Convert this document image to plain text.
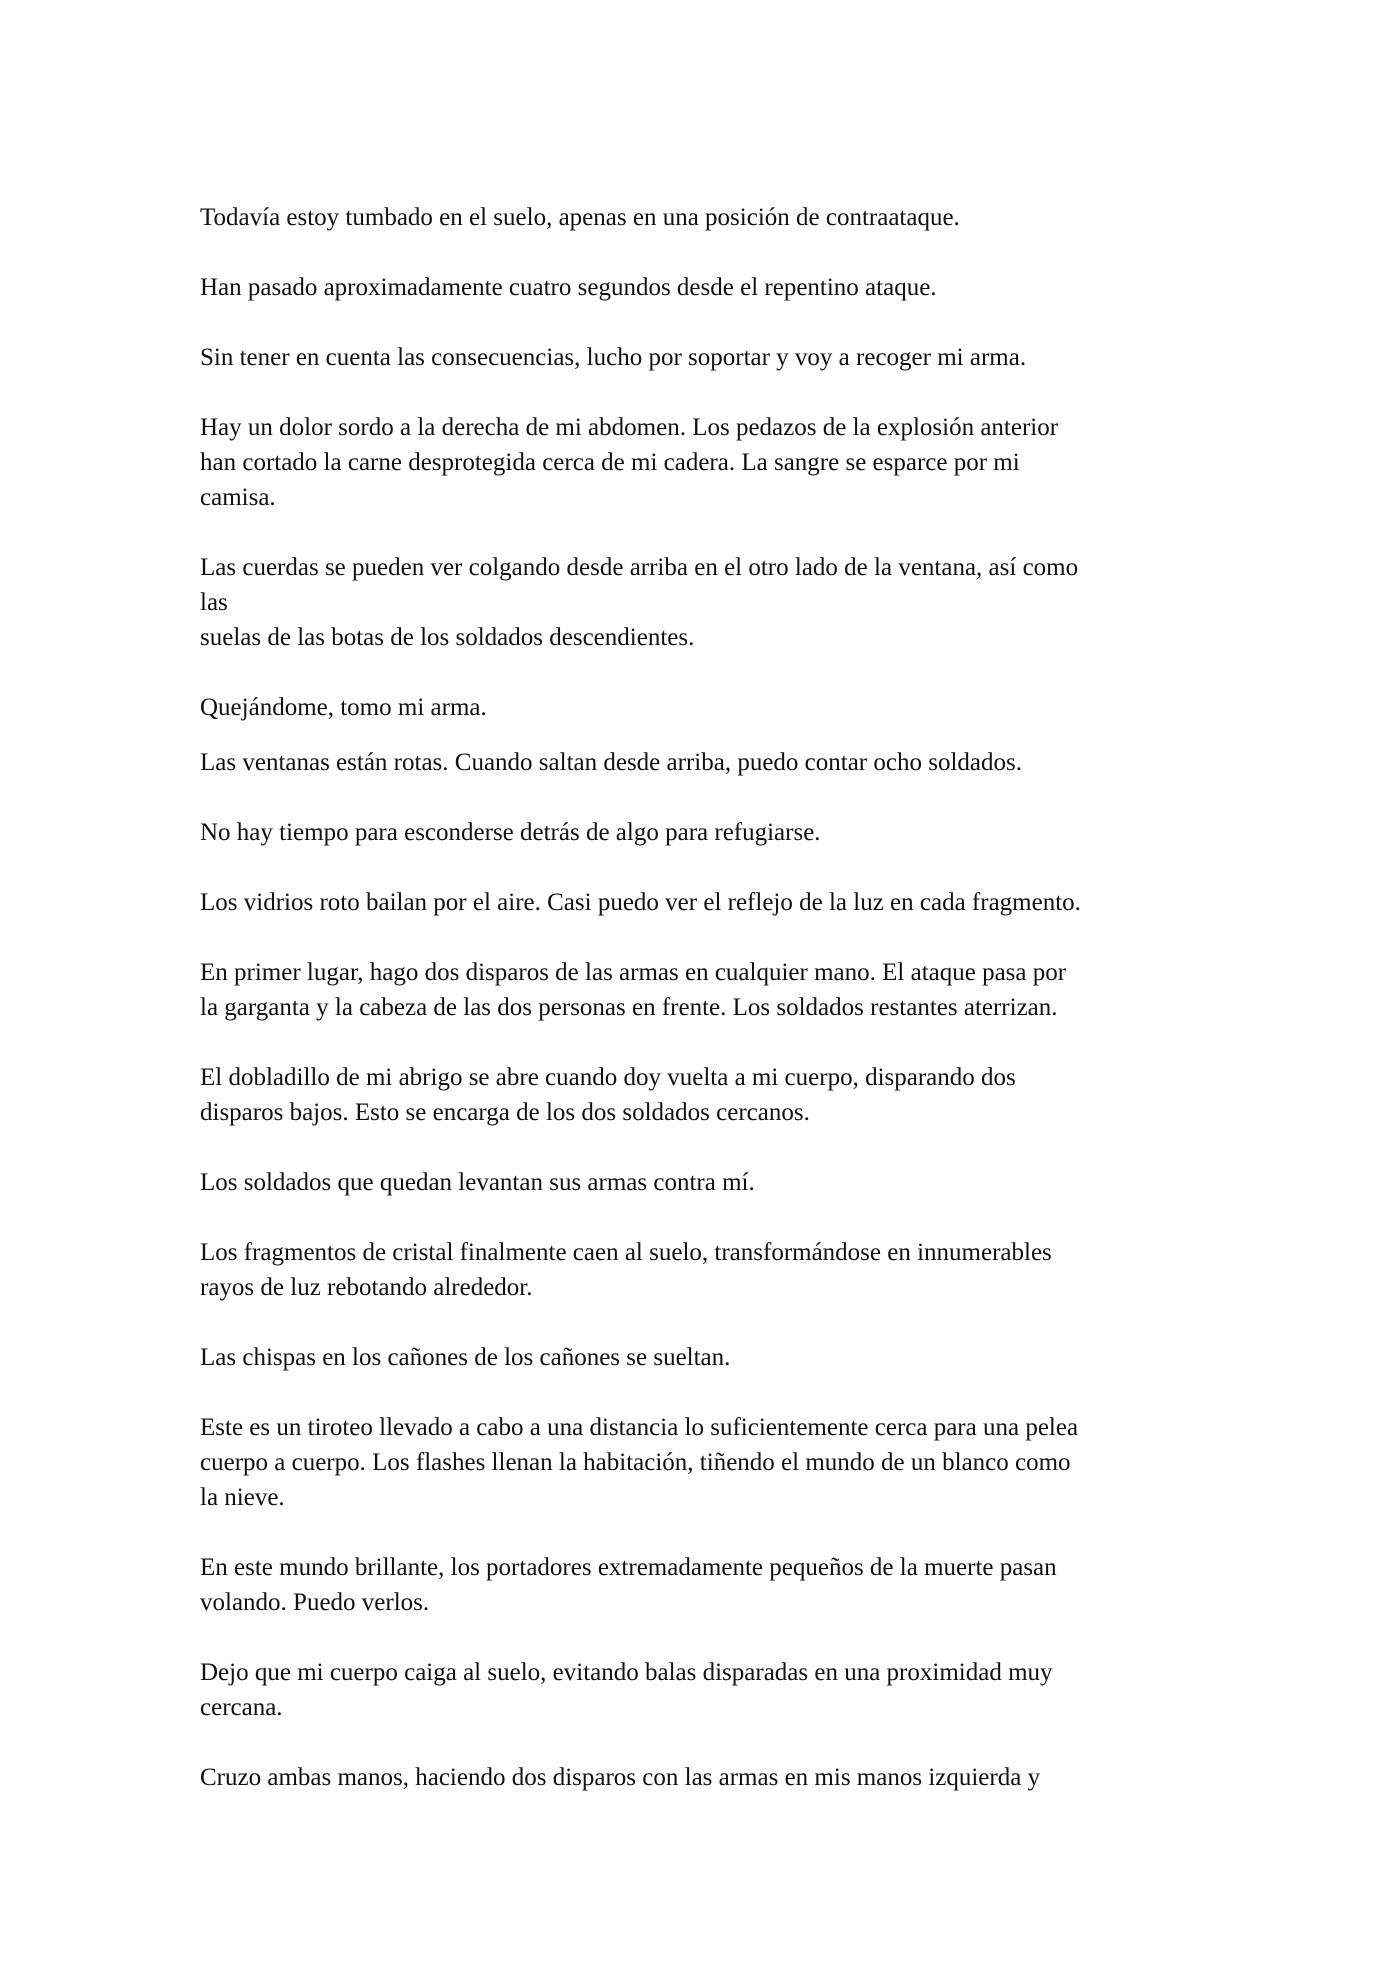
Todavía estoy tumbado en el suelo, apenas en una posición de contraataque.

Han pasado aproximadamente cuatro segundos desde el repentino ataque.

Sin tener en cuenta las consecuencias, lucho por soportar y voy a recoger mi arma.

Hay un dolor sordo a la derecha de mi abdomen. Los pedazos de la explosión anterior
han cortado la carne desprotegida cerca de mi cadera. La sangre se esparce por mi
camisa.

Las cuerdas se pueden ver colgando desde arriba en el otro lado de la ventana, así como
las
suelas de las botas de los soldados descendientes.

Quejándome, tomo mi arma.

Las ventanas están rotas. Cuando saltan desde arriba, puedo contar ocho soldados.

No hay tiempo para esconderse detrás de algo para refugiarse.

Los vidrios roto bailan por el aire. Casi puedo ver el reflejo de la luz en cada fragmento.

En primer lugar, hago dos disparos de las armas en cualquier mano. El ataque pasa por
la garganta y la cabeza de las dos personas en frente. Los soldados restantes aterrizan.

El dobladillo de mi abrigo se abre cuando doy vuelta a mi cuerpo, disparando dos
disparos bajos. Esto se encarga de los dos soldados cercanos.

Los soldados que quedan levantan sus armas contra mí.

Los fragmentos de cristal finalmente caen al suelo, transformándose en innumerables
rayos de luz rebotando alrededor.

Las chispas en los cañones de los cañones se sueltan.

Este es un tiroteo llevado a cabo a una distancia lo suficientemente cerca para una pelea
cuerpo a cuerpo. Los flashes llenan la habitación, tiñendo el mundo de un blanco como
la nieve.

En este mundo brillante, los portadores extremadamente pequeños de la muerte pasan
volando. Puedo verlos.

Dejo que mi cuerpo caiga al suelo, evitando balas disparadas en una proximidad muy
cercana.

Cruzo ambas manos, haciendo dos disparos con las armas en mis manos izquierda y
